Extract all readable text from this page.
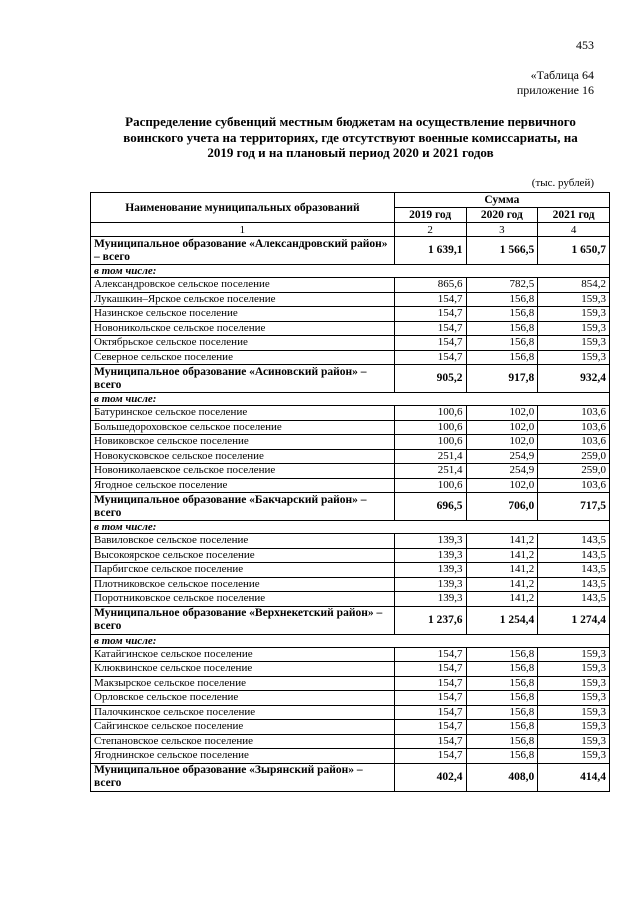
453
«Таблица 64
приложение 16
Распределение субвенций местным бюджетам на осуществление первичного
воинского учета на территориях, где отсутствуют военные комиссариаты, на
2019 год и на плановый период 2020 и 2021 годов
(тыс. рублей)
Наименование муниципальных образований	Сумма		
	2019 год	2020 год	2021 год
1	2	3	4
Муниципальное образование «Александровский район» – всего	1 639,1	1 566,5	1 650,7
в том числе:			
Александровское сельское поселение	865,6	782,5	854,2
Лукашкин–Ярское сельское поселение	154,7	156,8	159,3
Назинское сельское поселение	154,7	156,8	159,3
Новоникольское сельское поселение	154,7	156,8	159,3
Октябрьское сельское поселение	154,7	156,8	159,3
Северное сельское поселение	154,7	156,8	159,3
Муниципальное образование «Асиновский район» – всего	905,2	917,8	932,4
в том числе:			
Батуринское сельское поселение	100,6	102,0	103,6
Большедороховское сельское поселение	100,6	102,0	103,6
Новиковское сельское поселение	100,6	102,0	103,6
Новокусковское сельское поселение	251,4	254,9	259,0
Новониколаевское сельское поселение	251,4	254,9	259,0
Ягодное сельское поселение	100,6	102,0	103,6
Муниципальное образование «Бакчарский район» – всего	696,5	706,0	717,5
в том числе:			
Вавиловское сельское поселение	139,3	141,2	143,5
Высокоярское сельское поселение	139,3	141,2	143,5
Парбигское сельское поселение	139,3	141,2	143,5
Плотниковское сельское поселение	139,3	141,2	143,5
Поротниковское сельское поселение	139,3	141,2	143,5
Муниципальное образование «Верхнекетский район» – всего	1 237,6	1 254,4	1 274,4
в том числе:			
Катайгинское сельское поселение	154,7	156,8	159,3
Клюквинское сельское поселение	154,7	156,8	159,3
Макзырское сельское поселение	154,7	156,8	159,3
Орловское сельское поселение	154,7	156,8	159,3
Палочкинское сельское поселение	154,7	156,8	159,3
Сайгинское сельское поселение	154,7	156,8	159,3
Степановское сельское поселение	154,7	156,8	159,3
Ягоднинское сельское поселение	154,7	156,8	159,3
Муниципальное образование «Зырянский район» – всего	402,4	408,0	414,4
